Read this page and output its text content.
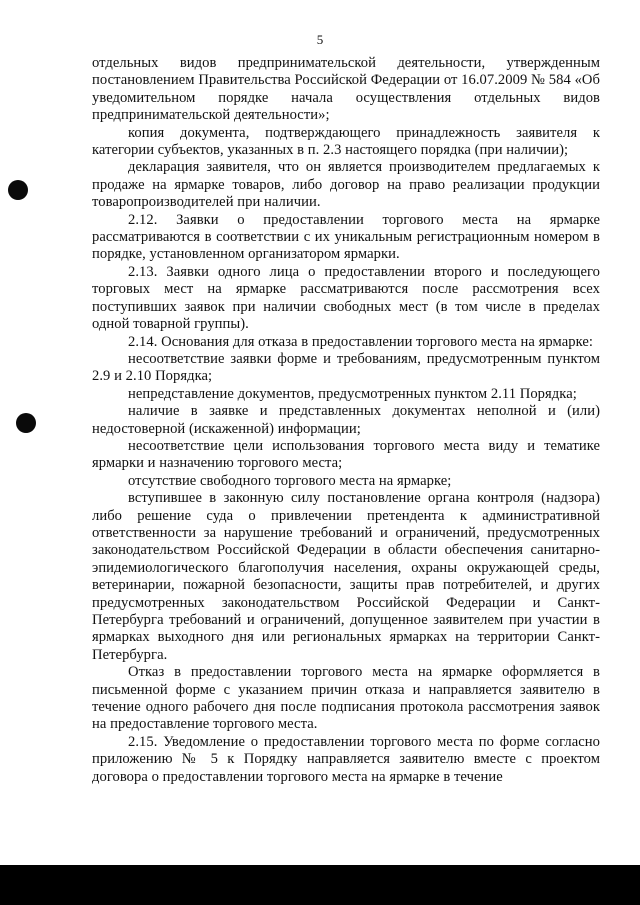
5

отдельных видов предпринимательской деятельности, утвержденным постановлением Правительства Российской Федерации от 16.07.2009 № 584 «Об уведомительном порядке начала осуществления отдельных видов предпринимательской деятельности»;

копия документа, подтверждающего принадлежность заявителя к категории субъектов, указанных в п. 2.3 настоящего порядка (при наличии);

декларация заявителя, что он является производителем предлагаемых к продаже на ярмарке товаров, либо договор на право реализации продукции товаропроизводителей при наличии.

2.12. Заявки о предоставлении торгового места на ярмарке рассматриваются в соответствии с их уникальным регистрационным номером в порядке, установленном организатором ярмарки.

2.13. Заявки одного лица о предоставлении второго и последующего торговых мест на ярмарке рассматриваются после рассмотрения всех поступивших заявок при наличии свободных мест (в том числе в пределах одной товарной группы).

2.14. Основания для отказа в предоставлении торгового места на ярмарке:

несоответствие заявки форме и требованиям, предусмотренным пунктом 2.9 и 2.10 Порядка;

непредставление документов, предусмотренных пунктом 2.11 Порядка;

наличие в заявке и представленных документах неполной и (или) недостоверной (искаженной) информации;

несоответствие цели использования торгового места виду и тематике ярмарки и назначению торгового места;

отсутствие свободного торгового места на ярмарке;

вступившее в законную силу постановление органа контроля (надзора) либо решение суда о привлечении претендента к административной ответственности за нарушение требований и ограничений, предусмотренных законодательством Российской Федерации в области обеспечения санитарно-эпидемиологического благополучия населения, охраны окружающей среды, ветеринарии, пожарной безопасности, защиты прав потребителей, и других предусмотренных законодательством Российской Федерации и Санкт-Петербурга требований и ограничений, допущенное заявителем при участии в ярмарках выходного дня или региональных ярмарках на территории Санкт-Петербурга.

Отказ в предоставлении торгового места на ярмарке оформляется в письменной форме с указанием причин отказа и направляется заявителю в течение одного рабочего дня после подписания протокола рассмотрения заявок на предоставление торгового места.

2.15. Уведомление о предоставлении торгового места по форме согласно приложению № 5 к Порядку направляется заявителю вместе с проектом договора о предоставлении торгового места на ярмарке в течение
